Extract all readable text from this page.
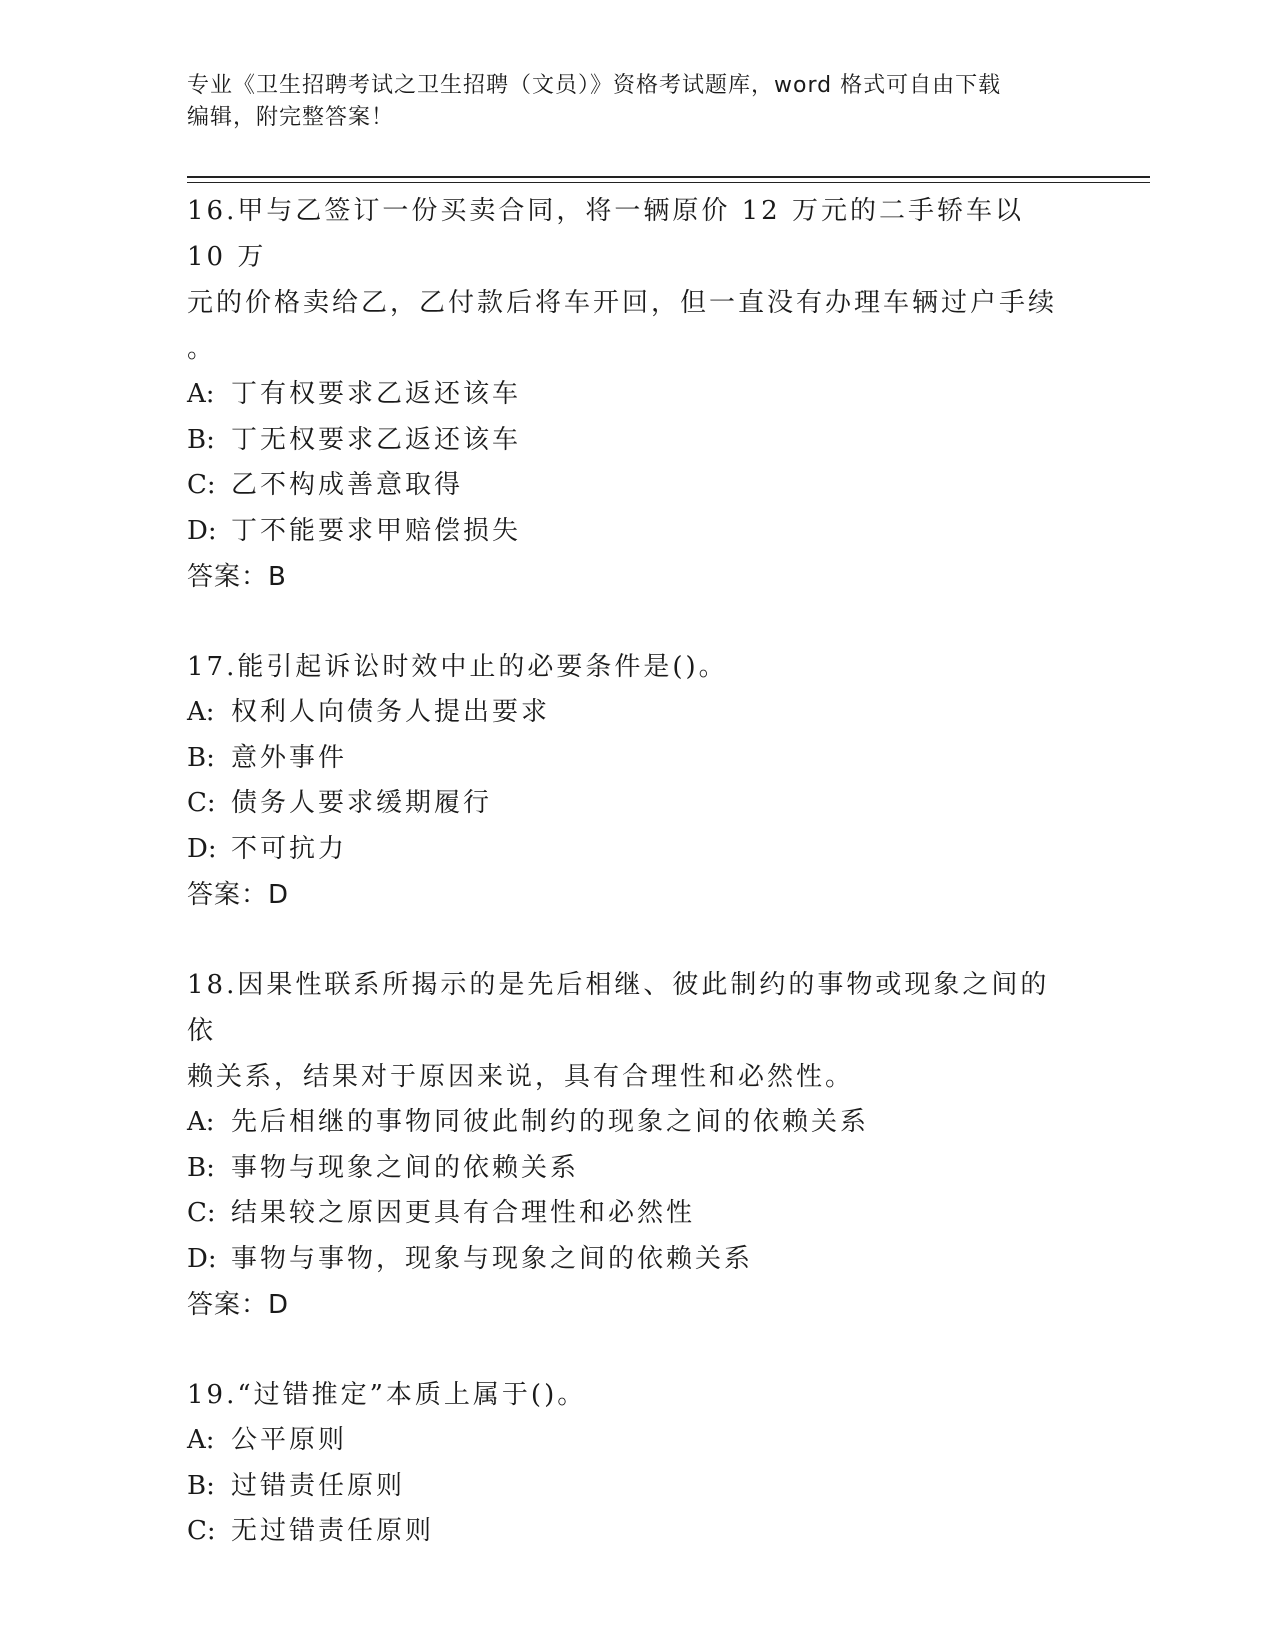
专业《卫生招聘考试之卫生招聘（文员）》资格考试题库，word 格式可自由下载
编辑，附完整答案！
16.甲与乙签订一份买卖合同，将一辆原价 12 万元的二手轿车以 10 万
元的价格卖给乙，乙付款后将车开回，但一直没有办理车辆过户手续
。
A: 丁有权要求乙返还该车
B: 丁无权要求乙返还该车
C: 乙不构成善意取得
D: 丁不能要求甲赔偿损失
答案：B
17.能引起诉讼时效中止的必要条件是()。
A: 权利人向债务人提出要求
B: 意外事件
C: 债务人要求缓期履行
D: 不可抗力
答案：D
18.因果性联系所揭示的是先后相继、彼此制约的事物或现象之间的依
赖关系，结果对于原因来说，具有合理性和必然性。
A: 先后相继的事物同彼此制约的现象之间的依赖关系
B: 事物与现象之间的依赖关系
C: 结果较之原因更具有合理性和必然性
D: 事物与事物，现象与现象之间的依赖关系
答案：D
19.“过错推定”本质上属于()。
A: 公平原则
B: 过错责任原则
C: 无过错责任原则
